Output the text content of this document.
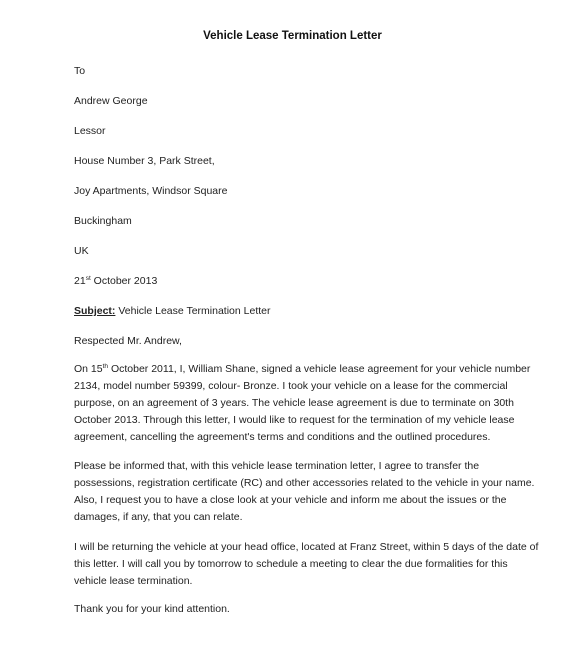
Vehicle Lease Termination Letter
To
Andrew George
Lessor
House Number 3, Park Street,
Joy Apartments, Windsor Square
Buckingham
UK
21st October 2013
Subject: Vehicle Lease Termination Letter
Respected Mr. Andrew,
On 15th October 2011, I, William Shane, signed a vehicle lease agreement for your vehicle number
2134, model number 59399, colour- Bronze. I took your vehicle on a lease for the commercial
purpose, on an agreement of 3 years. The vehicle lease agreement is due to terminate on 30th
October 2013. Through this letter, I would like to request for the termination of my vehicle lease
agreement, cancelling the agreement's terms and conditions and the outlined procedures.
Please be informed that, with this vehicle lease termination letter, I agree to transfer the
possessions, registration certificate (RC) and other accessories related to the vehicle in your name.
Also, I request you to have a close look at your vehicle and inform me about the issues or the
damages, if any, that you can relate.
I will be returning the vehicle at your head office, located at Franz Street, within 5 days of the date of
this letter. I will call you by tomorrow to schedule a meeting to clear the due formalities for this
vehicle lease termination.
Thank you for your kind attention.
